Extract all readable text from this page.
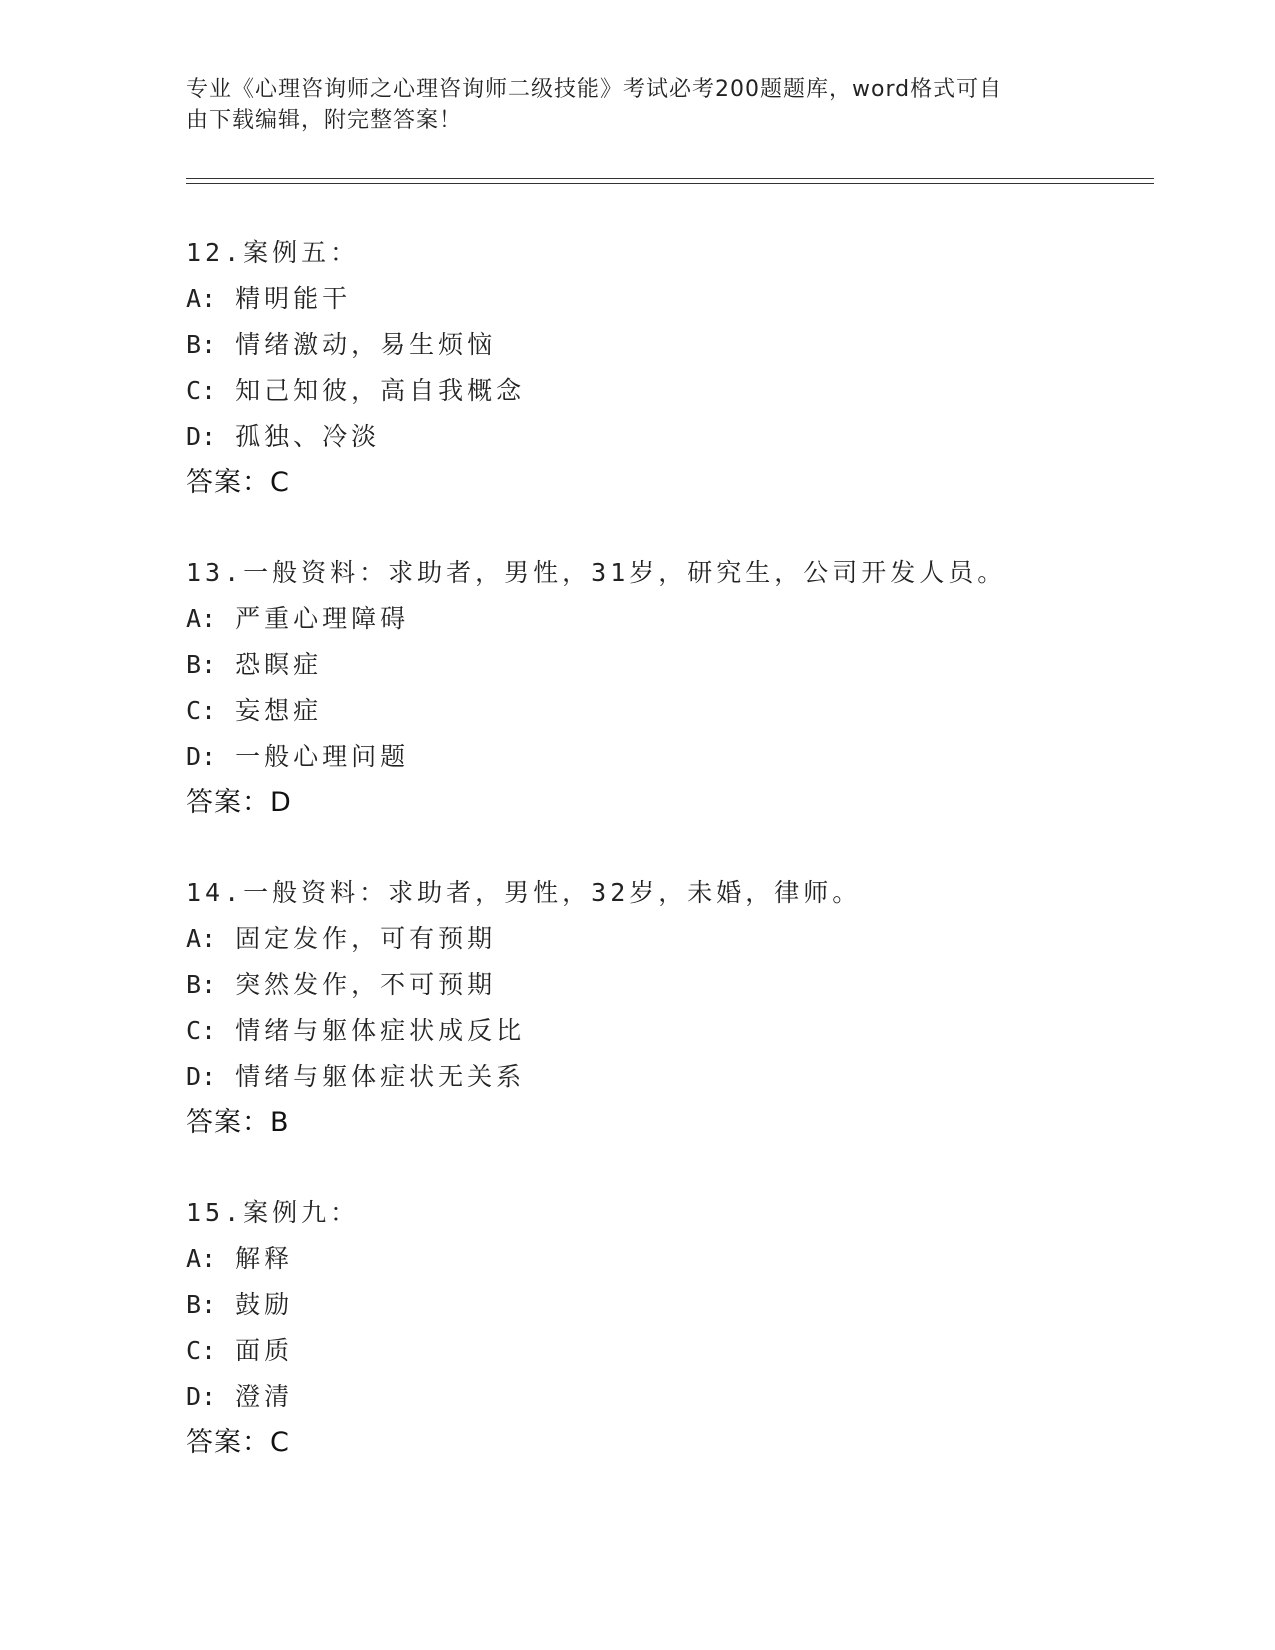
专业《心理咨询师之心理咨询师二级技能》考试必考200题题库，word格式可自
由下载编辑，附完整答案！
12.案例五：
A: 精明能干
B: 情绪激动，易生烦恼
C: 知己知彼，高自我概念
D: 孤独、冷淡
答案：C
13.一般资料：求助者，男性，31岁，研究生，公司开发人员。
A: 严重心理障碍
B: 恐瞑症
C: 妄想症
D: 一般心理问题
答案：D
14.一般资料：求助者，男性，32岁，未婚，律师。
A: 固定发作，可有预期
B: 突然发作，不可预期
C: 情绪与躯体症状成反比
D: 情绪与躯体症状无关系
答案：B
15.案例九：
A: 解释
B: 鼓励
C: 面质
D: 澄清
答案：C
